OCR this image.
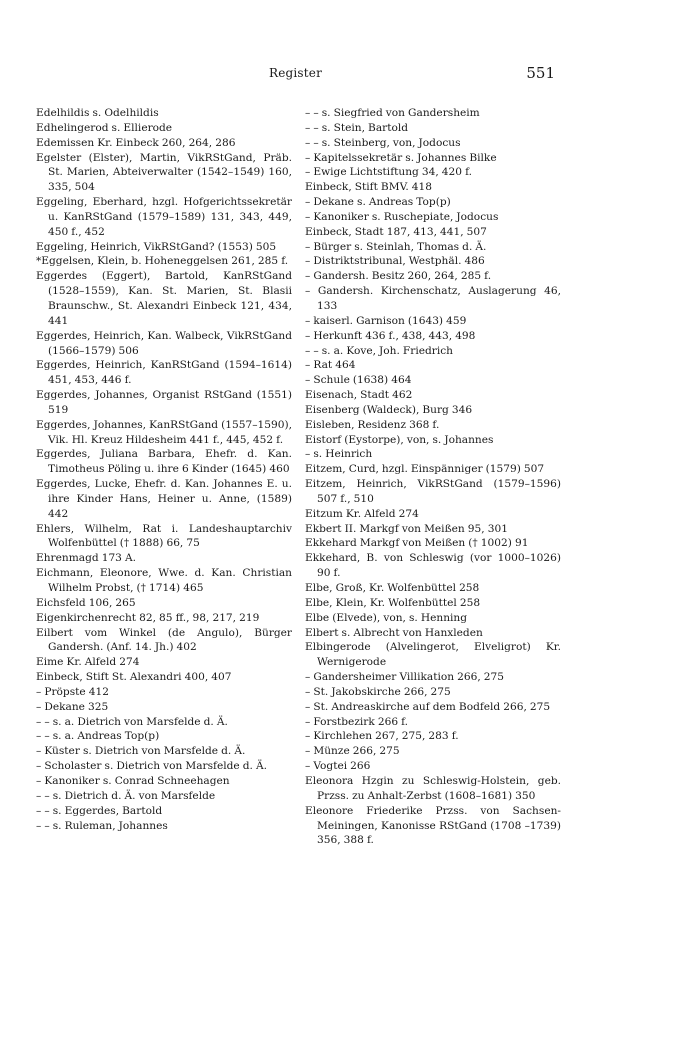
Register	551
Edelhildis s. Odelhildis
Edhelingerod s. Ellierode
Edemissen Kr. Einbeck 260, 264, 286
Egelster (Elster), Martin, VikRStGand, Präb. St. Marien, Abteiverwalter (1542–1549) 160, 335, 504
Eggeling, Eberhard, hzgl. Hofgerichtssekretär u. KanRStGand (1579–1589) 131, 343, 449, 450 f., 452
Eggeling, Heinrich, VikRStGand? (1553) 505
*Eggelsen, Klein, b. Hoheneggelsen 261, 285 f.
Eggerdes (Eggert), Bartold, KanRStGand (1528–1559), Kan. St. Marien, St. Blasii Braunschw., St. Alexandri Einbeck 121, 434, 441
Eggerdes, Heinrich, Kan. Walbeck, VikRStGand (1566–1579) 506
Eggerdes, Heinrich, KanRStGand (1594–1614) 451, 453, 446 f.
Eggerdes, Johannes, Organist RStGand (1551) 519
Eggerdes, Johannes, KanRStGand (1557–1590), Vik. Hl. Kreuz Hildesheim 441 f., 445, 452 f.
Eggerdes, Juliana Barbara, Ehefr. d. Kan. Timotheus Pöling u. ihre 6 Kinder (1645) 460
Eggerdes, Lucke, Ehefr. d. Kan. Johannes E. u. ihre Kinder Hans, Heiner u. Anne, (1589) 442
Ehlers, Wilhelm, Rat i. Landeshauptarchiv Wolfenbüttel († 1888) 66, 75
Ehrenmagd 173 A.
Eichmann, Eleonore, Wwe. d. Kan. Christian Wilhelm Probst, († 1714) 465
Eichsfeld 106, 265
Eigenkirchenrecht 82, 85 ff., 98, 217, 219
Eilbert vom Winkel (de Angulo), Bürger Gandersh. (Anf. 14. Jh.) 402
Eime Kr. Alfeld 274
Einbeck, Stift St. Alexandri 400, 407
– Pröpste 412
– Dekane 325
– – s. a. Dietrich von Marsfelde d. Ä.
– – s. a. Andreas Top(p)
– Küster s. Dietrich von Marsfelde d. Ä.
– Scholaster s. Dietrich von Marsfelde d. Ä.
– Kanoniker s. Conrad Schneehagen
– – s. Dietrich d. Ä. von Marsfelde
– – s. Eggerdes, Bartold
– – s. Ruleman, Johannes
– – s. Siegfried von Gandersheim
– – s. Stein, Bartold
– – s. Steinberg, von, Jodocus
– Kapitelssekretär s. Johannes Bilke
– Ewige Lichtstiftung 34, 420 f.
Einbeck, Stift BMV. 418
– Dekane s. Andreas Top(p)
– Kanoniker s. Ruschepiate, Jodocus
Einbeck, Stadt 187, 413, 441, 507
– Bürger s. Steinlah, Thomas d. Ä.
– Distriktstribunal, Westphäl. 486
– Gandersh. Besitz 260, 264, 285 f.
– Gandersh. Kirchenschatz, Auslagerung 46, 133
– kaiserl. Garnison (1643) 459
– Herkunft 436 f., 438, 443, 498
– – s. a. Kove, Joh. Friedrich
– Rat 464
– Schule (1638) 464
Eisenach, Stadt 462
Eisenberg (Waldeck), Burg 346
Eisleben, Residenz 368 f.
Eistorf (Eystorpe), von, s. Johannes
– s. Heinrich
Eitzem, Curd, hzgl. Einspänniger (1579) 507
Eitzem, Heinrich, VikRStGand (1579–1596) 507 f., 510
Eitzum Kr. Alfeld 274
Ekbert II. Markgf von Meißen 95, 301
Ekkehard Markgf von Meißen († 1002) 91
Ekkehard, B. von Schleswig (vor 1000–1026) 90 f.
Elbe, Groß, Kr. Wolfenbüttel 258
Elbe, Klein, Kr. Wolfenbüttel 258
Elbe (Elvede), von, s. Henning
Elbert s. Albrecht von Hanxleden
Elbingerode (Alvelingerot, Elveligrot) Kr. Wernigerode
– Gandersheimer Villikation 266, 275
– St. Jakobskirche 266, 275
– St. Andreaskirche auf dem Bodfeld 266, 275
– Forstbezirk 266 f.
– Kirchlehen 267, 275, 283 f.
– Münze 266, 275
– Vogtei 266
Eleonora Hzgin zu Schleswig-Holstein, geb. Przss. zu Anhalt-Zerbst (1608–1681) 350
Eleonore Friederike Przss. von Sachsen-Meiningen, Kanonisse RStGand (1708 –1739) 356, 388 f.
